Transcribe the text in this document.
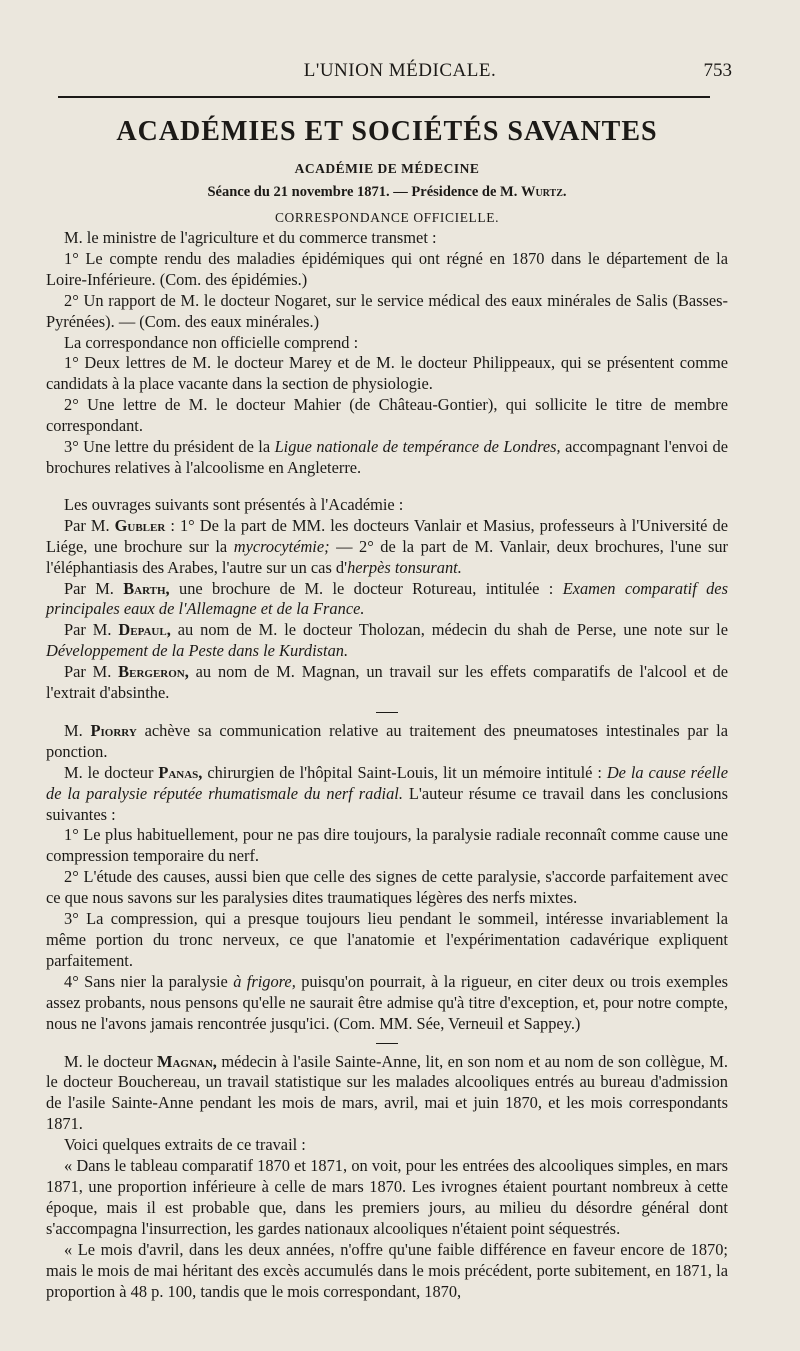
L'UNION MÉDICALE.	753
ACADÉMIES ET SOCIÉTÉS SAVANTES
ACADÉMIE DE MÉDECINE
Séance du 21 novembre 1871. — Présidence de M. Wurtz.
CORRESPONDANCE OFFICIELLE.

M. le ministre de l'agriculture et du commerce transmet :

1° Le compte rendu des maladies épidémiques qui ont régné en 1870 dans le département de la Loire-Inférieure. (Com. des épidémies.)

2° Un rapport de M. le docteur Nogaret, sur le service médical des eaux minérales de Salis (Basses-Pyrénées). — (Com. des eaux minérales.)

La correspondance non officielle comprend :

1° Deux lettres de M. le docteur Marey et de M. le docteur Philippeaux, qui se présentent comme candidats à la place vacante dans la section de physiologie.

2° Une lettre de M. le docteur Mahier (de Château-Gontier), qui sollicite le titre de membre correspondant.

3° Une lettre du président de la Ligue nationale de tempérance de Londres, accompagnant l'envoi de brochures relatives à l'alcoolisme en Angleterre.

Les ouvrages suivants sont présentés à l'Académie :

Par M. Gubler : 1° De la part de MM. les docteurs Vanlair et Masius, professeurs à l'Université de Liége, une brochure sur la mycrocytémie; — 2° de la part de M. Vanlair, deux brochures, l'une sur l'éléphantiasis des Arabes, l'autre sur un cas d'herpès tonsurant.

Par M. Barth, une brochure de M. le docteur Rotureau, intitulée : Examen comparatif des principales eaux de l'Allemagne et de la France.

Par M. Depaul, au nom de M. le docteur Tholozan, médecin du shah de Perse, une note sur le Développement de la Peste dans le Kurdistan.

Par M. Bergeron, au nom de M. Magnan, un travail sur les effets comparatifs de l'alcool et de l'extrait d'absinthe.

M. Piorry achève sa communication relative au traitement des pneumatoses intestinales par la ponction.

M. le docteur Panas, chirurgien de l'hôpital Saint-Louis, lit un mémoire intitulé : De la cause réelle de la paralysie réputée rhumatismale du nerf radial. L'auteur résume ce travail dans les conclusions suivantes :

1° Le plus habituellement, pour ne pas dire toujours, la paralysie radiale reconnaît comme cause une compression temporaire du nerf.

2° L'étude des causes, aussi bien que celle des signes de cette paralysie, s'accorde parfaitement avec ce que nous savons sur les paralysies dites traumatiques légères des nerfs mixtes.

3° La compression, qui a presque toujours lieu pendant le sommeil, intéresse invariablement la même portion du tronc nerveux, ce que l'anatomie et l'expérimentation cadavérique expliquent parfaitement.

4° Sans nier la paralysie à frigore, puisqu'on pourrait, à la rigueur, en citer deux ou trois exemples assez probants, nous pensons qu'elle ne saurait être admise qu'à titre d'exception, et, pour notre compte, nous ne l'avons jamais rencontrée jusqu'ici. (Com. MM. Sée, Verneuil et Sappey.)

M. le docteur Magnan, médecin à l'asile Sainte-Anne, lit, en son nom et au nom de son collègue, M. le docteur Bouchereau, un travail statistique sur les malades alcooliques entrés au bureau d'admission de l'asile Sainte-Anne pendant les mois de mars, avril, mai et juin 1870, et les mois correspondants 1871.

Voici quelques extraits de ce travail :

« Dans le tableau comparatif 1870 et 1871, on voit, pour les entrées des alcooliques simples, en mars 1871, une proportion inférieure à celle de mars 1870. Les ivrognes étaient pourtant nombreux à cette époque, mais il est probable que, dans les premiers jours, au milieu du désordre général dont s'accompagna l'insurrection, les gardes nationaux alcooliques n'étaient point séquestrés.

« Le mois d'avril, dans les deux années, n'offre qu'une faible différence en faveur encore de 1870; mais le mois de mai héritant des excès accumulés dans le mois précédent, porte subitement, en 1871, la proportion à 48 p. 100, tandis que le mois correspondant, 1870,
